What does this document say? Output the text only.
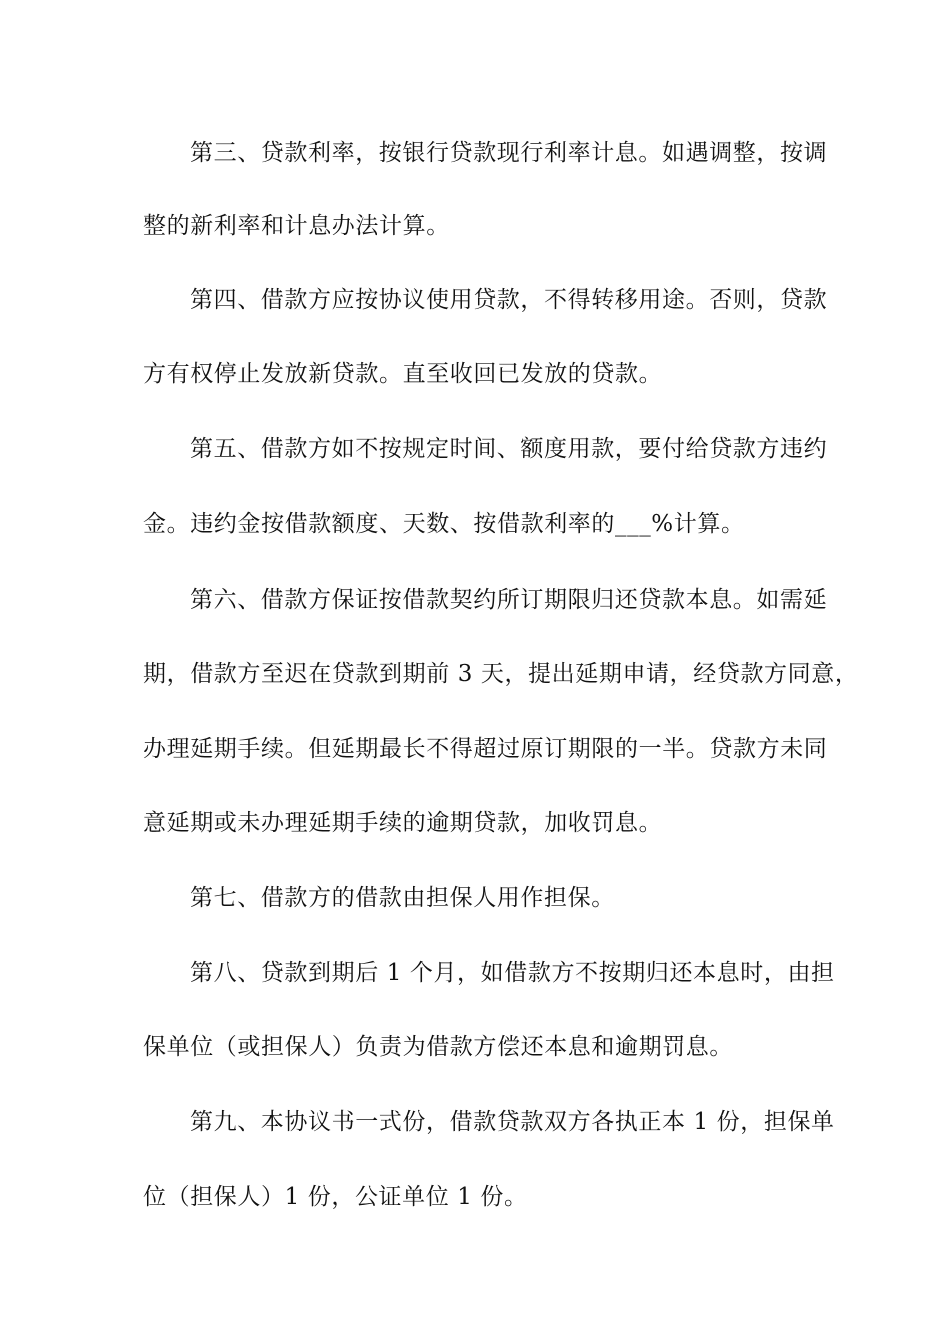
第三、贷款利率，按银行贷款现行利率计息。如遇调整，按调
整的新利率和计息办法计算。
第四、借款方应按协议使用贷款，不得转移用途。否则，贷款
方有权停止发放新贷款。直至收回已发放的贷款。
第五、借款方如不按规定时间、额度用款，要付给贷款方违约
金。违约金按借款额度、天数、按借款利率的___%计算。
第六、借款方保证按借款契约所订期限归还贷款本息。如需延
期，借款方至迟在贷款到期前 3 天，提出延期申请，经贷款方同意，
办理延期手续。但延期最长不得超过原订期限的一半。贷款方未同
意延期或未办理延期手续的逾期贷款，加收罚息。
第七、借款方的借款由担保人用作担保。
第八、贷款到期后 1 个月，如借款方不按期归还本息时，由担
保单位（或担保人）负责为借款方偿还本息和逾期罚息。
第九、本协议书一式份，借款贷款双方各执正本 1 份，担保单
位（担保人）1 份，公证单位 1 份。
